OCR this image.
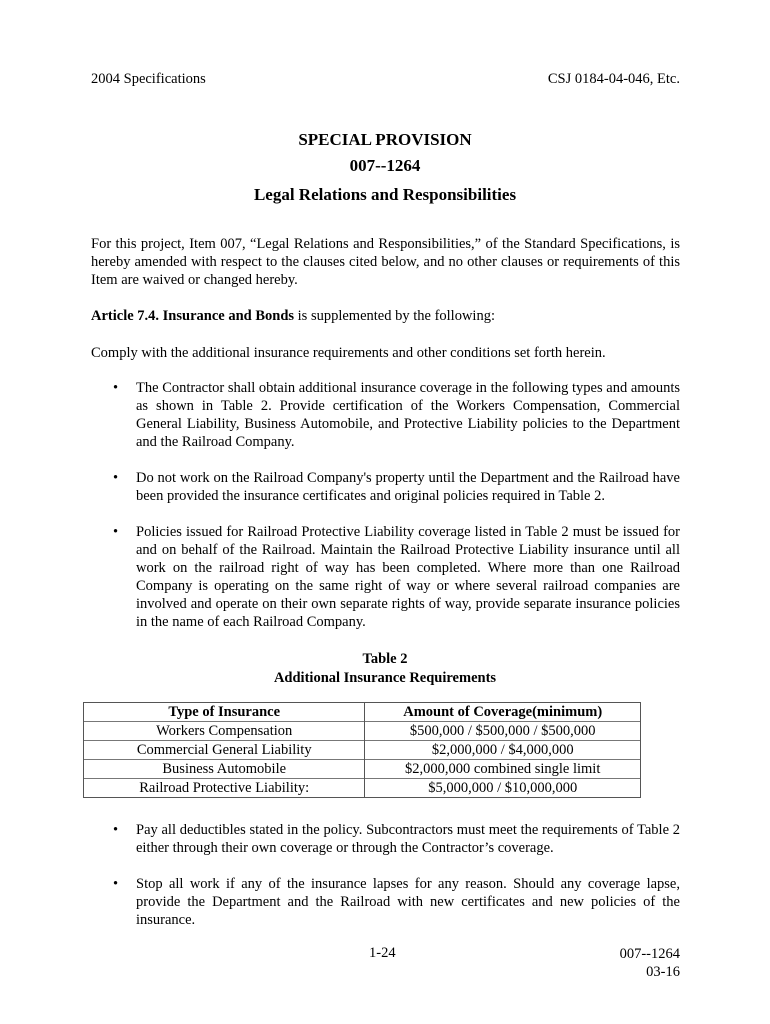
2004 Specifications	CSJ 0184-04-046, Etc.
SPECIAL PROVISION
007--1264
Legal Relations and Responsibilities
For this project, Item 007, “Legal Relations and Responsibilities,” of the Standard Specifications, is hereby amended with respect to the clauses cited below, and no other clauses or requirements of this Item are waived or changed hereby.
Article 7.4. Insurance and Bonds is supplemented by the following:
Comply with the additional insurance requirements and other conditions set forth herein.
• The Contractor shall obtain additional insurance coverage in the following types and amounts as shown in Table 2. Provide certification of the Workers Compensation, Commercial General Liability, Business Automobile, and Protective Liability policies to the Department and the Railroad Company.
• Do not work on the Railroad Company's property until the Department and the Railroad have been provided the insurance certificates and original policies required in Table 2.
• Policies issued for Railroad Protective Liability coverage listed in Table 2 must be issued for and on behalf of the Railroad. Maintain the Railroad Protective Liability insurance until all work on the railroad right of way has been completed. Where more than one Railroad Company is operating on the same right of way or where several railroad companies are involved and operate on their own separate rights of way, provide separate insurance policies in the name of each Railroad Company.
Table 2
Additional Insurance Requirements
Type of Insurance	Amount of Coverage(minimum)
Workers Compensation	$500,000 / $500,000 / $500,000
Commercial General Liability	$2,000,000 / $4,000,000
Business Automobile	$2,000,000 combined single limit
Railroad Protective Liability:	$5,000,000 / $10,000,000
• Pay all deductibles stated in the policy. Subcontractors must meet the requirements of Table 2 either through their own coverage or through the Contractor’s coverage.
• Stop all work if any of the insurance lapses for any reason. Should any coverage lapse, provide the Department and the Railroad with new certificates and new policies of the insurance.
1-24	007--1264
03-16
